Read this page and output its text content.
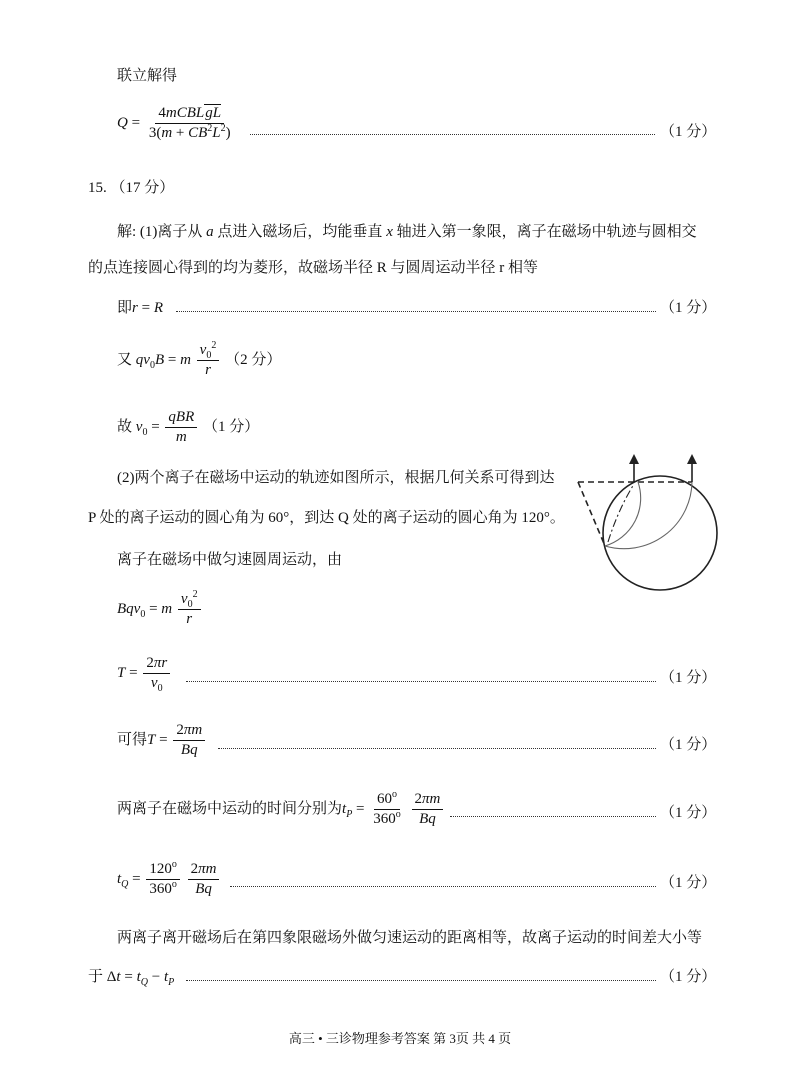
联立解得
$Q = \frac{\text{4mCBLgL}}{3(m + CB^2L^2)}$	（1 分）
15. （17 分）
解: (1)离子从 a 点进入磁场后，均能垂直 x 轴进入第一象限，离子在磁场中轨迹与圆相交
的点连接圆心得到的均为菱形，故磁场半径 R 与圆周运动半径 r 相等
即r = R	（1 分）
又 $qv_0B = m \frac{v_0^2}{r} (2$ 分）
故 $v_0 = \frac{\text{qBR}}{m} (1$ 分）
(2)两个离子在磁场中运动的轨迹如图所示，根据几何关系可得到达
P 处的离子运动的圆心角为 60°，到达 Q 处的离子运动的圆心角为 120°。
离子在磁场中做匀速圆周运动，由
Bqv$_0$ = m $\frac{v_0^2}{r}$
$T = \frac{2\pi r}{v_0}$	（1 分）
可得$T = \frac{2\pi m}{Bq}$	（1 分）
两离子在磁场中运动的时间分别为$t_P = \frac{60^o}{360^o}$
$\frac{2\pi m}{Bq}$	（1 分）
$t_Q = \frac{120^o}{360^o}$
$\frac{2\pi m}{Bq}$	（1 分）
两离子离开磁场后在第四象限磁场外做匀速运动的距离相等，故离子运动的时间差大小等
于 $\Delta t = t_Q - t_P$	（1 分）
高三 • 三诊物理参考答案 第 3页 共 4 页
